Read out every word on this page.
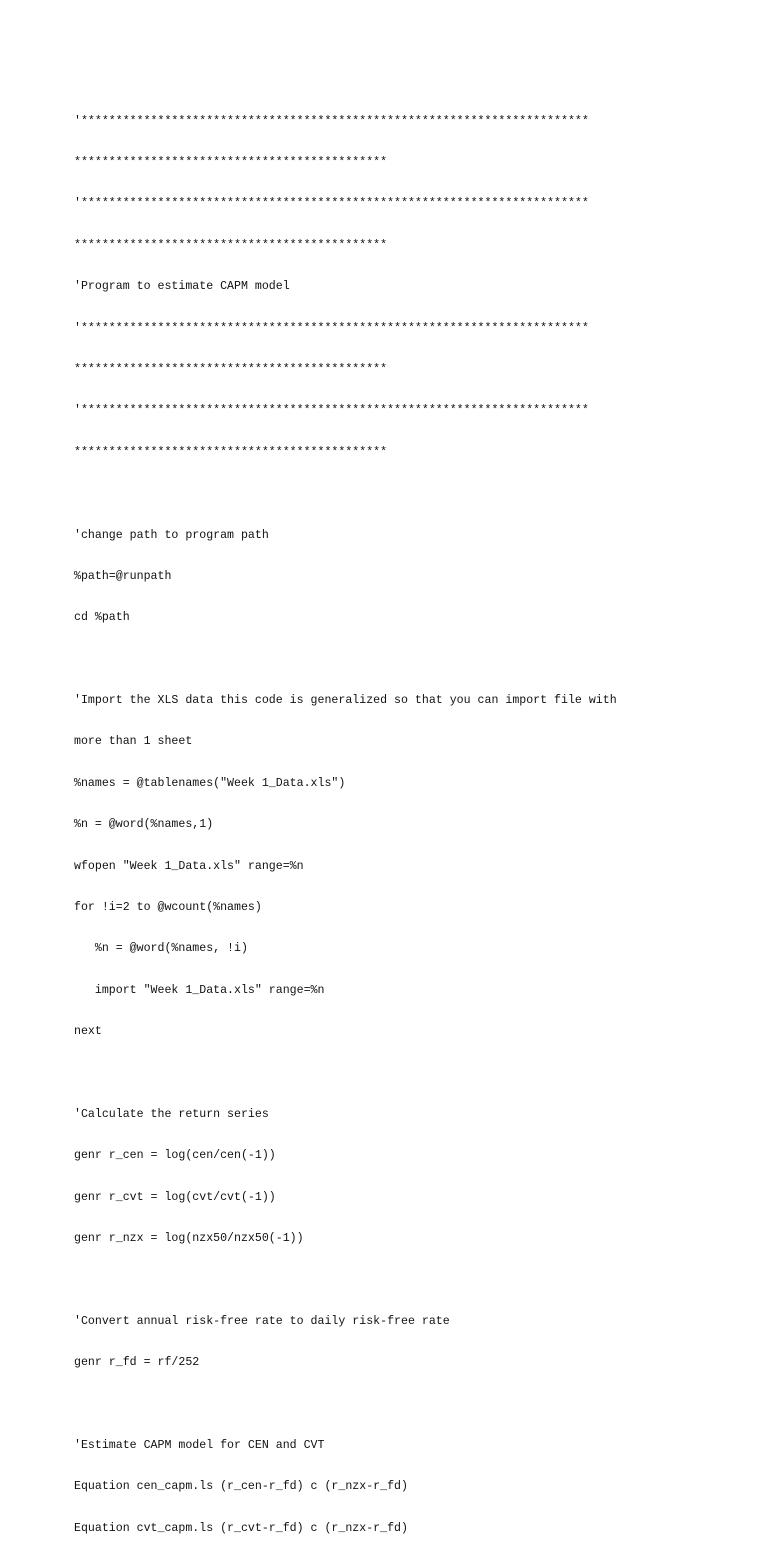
'*************************************************************************

*********************************************

'*************************************************************************

*********************************************

'Program to estimate CAPM model

'*************************************************************************

*********************************************

'*************************************************************************

*********************************************

'change path to program path

%path=@runpath

cd %path

'Import the XLS data this code is generalized so that you can import file with

more than 1 sheet

%names = @tablenames("Week 1_Data.xls")

%n = @word(%names,1)

wfopen "Week 1_Data.xls" range=%n

for !i=2 to @wcount(%names)

%n = @word(%names, !i)

import "Week 1_Data.xls" range=%n

next

'Calculate the return series

genr r_cen = log(cen/cen(-1))

genr r_cvt = log(cvt/cvt(-1))

genr r_nzx = log(nzx50/nzx50(-1))

'Convert annual risk-free rate to daily risk-free rate

genr r_fd = rf/252

'Estimate CAPM model for CEN and CVT

Equation cen_capm.ls (r_cen-r_fd) c (r_nzx-r_fd)

Equation cvt_capm.ls (r_cvt-r_fd) c (r_nzx-r_fd)
